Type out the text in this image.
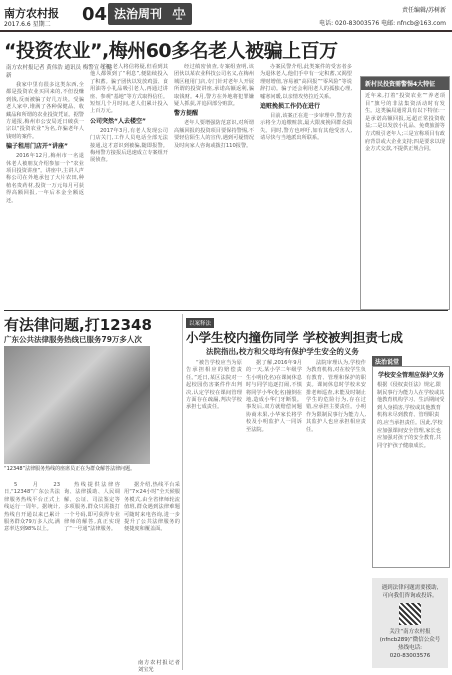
南方农村报
2017.6.6 星期二 04 法治周刊	责任编辑/苏树新
电话: 020-83003576 电邮: nfncb@163.com
“投资农业”,梅州60多名老人被骗上百万
南方农村报记者 黄伟浩 通讯员 梅警宣 王健新

我家中里有很多这类东西,全都是投资农业买回来的,不但没赚到钱,反而被骗了好几万块。受骗老人家中,堆满了各种保健品、收藏品和所谓的农业投资凭证。据警方通报,梅州市公安局近日破获一宗以“投资农业”为名,诈骗老年人钱财的案件。

骗子租用门店开“讲座”

2016年12月,梅州市一名退休老人被朋友介绍参加一个“农业项目投资讲座”。讲座中,主讲人声称公司在外地承包了大片农田,种植名贵药材,投资一万元每月可获得高额回报,一年后本金全额返还。

起初,老人将信将疑,但看到其他人都领到了“利息”,便陆续投入了积蓄。骗子团伙以发放鸡蛋、食用油等小礼品吸引老人,再通过讲座、参观“基地”等方式取得信任。短短几个月时间,老人们累计投入上百万元。

公司突然“人去楼空”

2017年3月,有老人发现公司门店关门,工作人员电话全部无法接通,这才意识到被骗,随即报警。梅州警方接报后迅速成立专案组开展侦查。

经过缜密侦查,专案组查明,该团伙以某农业科技公司名义,在梅州城区租用门店,专门针对老年人开展所谓的投资讲座,承诺高额返利,骗取钱财。4月,警方在外地将犯罪嫌疑人抓获,并追回部分赃款。

警方提醒

老年人要增强防范意识,对所谓高额回报的投资项目要保持警惕,不要轻信陌生人的宣传,遇到可疑情况及时向家人咨询或拨打110报警。

办案民警介绍,此类案件的受害者多为退休老人,他们手中有一定积蓄,又渴望理财增值,容易被“高回报”“零风险”等说辞打动。骗子还会利用老人的孤独心理,嘘寒问暖,以亲情攻势拉近关系。

追赃挽损工作仍在进行

目前,该案正在进一步审理中,警方表示将全力追缴赃款,最大限度挽回群众损失。同时,警方也呼吁,如有其他受害人,请尽快与当地派出所联系。

新村民投资需警惕4大特征
近年来,打着“投资农业”“养老项目”旗号的非法集资活动时有发生。这类骗局通常具有以下特征:一是承诺高额回报,远超正常投资收益;二是以发放小礼品、免费旅游等方式吸引老年人;三是宣称项目有政府背景或大企业支持;四是要求以现金方式交款,不提供正规合同。
有法律问题,打12348
广东公共法律服务热线已服务79万多人次
“12348”法律服务热线的座席员正在为群众解答法律问题。

5月23日,“12348”广东公共法律服务热线平台正式上线运行一周年。据统计,热线自开通以来已累计服务群众79万多人次,满意率达到98%以上。

热线提供法律咨询、法律援助、人民调解、公证、司法鉴定等多项服务,群众只需拨打一个号码,即可获得专业律师的解答,真正实现了“一号通”法律服务。

据介绍,热线平台采用“7×24小时”全天候服务模式,由全省律师轮流值班,群众遇到法律难题可随时来电咨询,进一步提升了公共法律服务的便捷度和覆盖面。

南方农村报记者 刘宝光
以案释法
小学生校内撞伤同学 学校被判担责七成
法院指出,校方和父母均有保护学生安全的义务

“被告学校应当为原告承担相应的赔偿责任。”近日,某区法院对一起校园伤害案件作出判决,认定学校在课间管理方面存在疏漏,判决学校承担七成责任。

据了解,2016年9月的一天,某小学二年级学生小明(化名)在课间休息时与同学追逐打闹,不慎将同学小华(化名)撞倒在地,造成小华门牙断裂。事发后,双方就赔偿问题协商未果,小华家长将学校及小明监护人一同诉至法院。

法院审理认为,学校作为教育机构,对在校学生负有教育、管理和保护的职责。课间休息时学校未安排老师巡查,未能及时制止学生的危险行为,存在过错,应承担主要责任。小明作为限制民事行为能力人,其监护人也应承担相应责任。

法治说堂
学校安全管理应保护义务
根据《侵权责任法》规定,限制民事行为能力人在学校或其他教育机构学习、生活期间受到人身损害,学校或其他教育机构未尽到教育、管理职责的,应当承担责任。因此,学校应加强课间安全管理,家长也应加强对孩子的安全教育,共同守护孩子健康成长。
遇到法律问题需要援助,
可向我们咨询或投诉。
关注“南方农村报(nfncb289)”微信公众号
热线电话:
020-83003576
